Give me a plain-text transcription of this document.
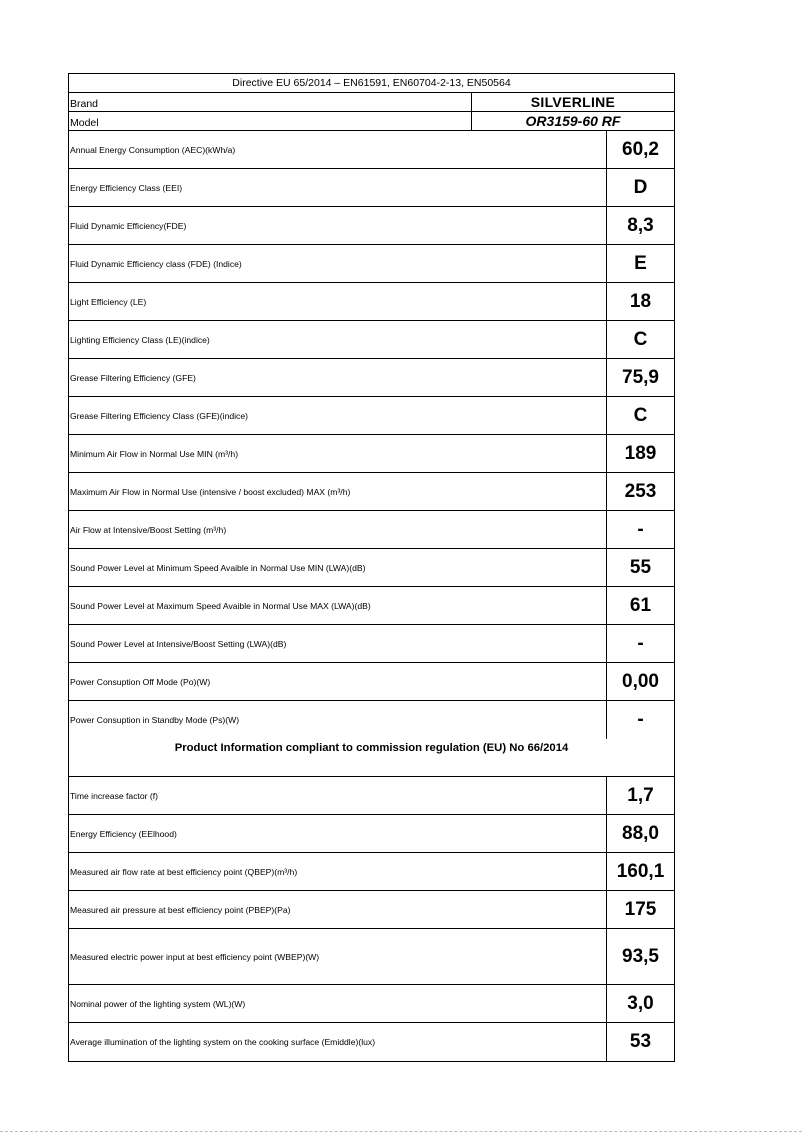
Directive EU 65/2014 – EN61591, EN60704-2-13, EN50564
Brand	SILVERLINE
Model	OR3159-60 RF
Annual Energy Consumption (AEC)(kWh/a)	60,2
Energy Efficiency Class (EEI)	D
Fluid Dynamic Efficiency(FDE)	8,3
Fluid Dynamic Efficiency class (FDE) (Indice)	E
Light Efficiency (LE)	18
Lighting Efficiency Class (LE)(indice)	C
Grease Filtering Efficiency (GFE)	75,9
Grease Filtering Efficiency Class (GFE)(indice)	C
Minimum Air Flow in Normal Use MIN (m³/h)	189
Maximum Air Flow in Normal Use (intensive / boost excluded) MAX (m³/h)	253
Air Flow at Intensive/Boost Setting (m³/h)	-
Sound Power Level at Minimum Speed Avaible in Normal Use MIN (LWA)(dB)	55
Sound Power Level at Maximum Speed Avaible in Normal Use MAX (LWA)(dB)	61
Sound Power Level at Intensive/Boost Setting (LWA)(dB)	-
Power Consuption Off Mode (Po)(W)	0,00
Power Consuption in Standby Mode (Ps)(W)	-
Product Information compliant to commission regulation (EU) No 66/2014
Time increase factor (f)	1,7
Energy Efficiency (EElhood)	88,0
Measured air flow rate at best efficiency point (QBEP)(m³/h)	160,1
Measured air pressure at best efficiency point (PBEP)(Pa)	175
Measured electric power input at best efficiency point (WBEP)(W)	93,5
Nominal power of the lighting system (WL)(W)	3,0
Average illumination of the lighting system on the cooking surface (Emiddle)(lux)	53
